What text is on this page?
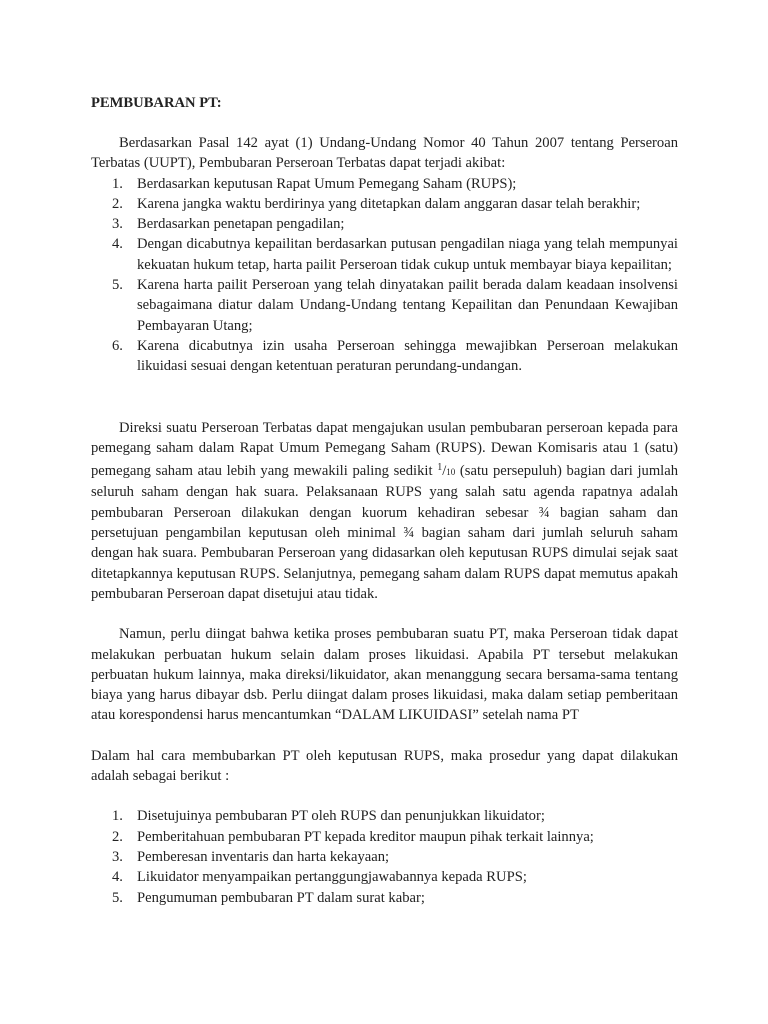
PEMBUBARAN PT:

Berdasarkan Pasal 142 ayat (1) Undang-Undang Nomor 40 Tahun 2007 tentang Perseroan Terbatas (UUPT), Pembubaran Perseroan Terbatas dapat terjadi akibat:

1. Berdasarkan keputusan Rapat Umum Pemegang Saham (RUPS);
2. Karena jangka waktu berdirinya yang ditetapkan dalam anggaran dasar telah berakhir;
3. Berdasarkan penetapan pengadilan;
4. Dengan dicabutnya kepailitan berdasarkan putusan pengadilan niaga yang telah mempunyai kekuatan hukum tetap, harta pailit Perseroan tidak cukup untuk membayar biaya kepailitan;
5. Karena harta pailit Perseroan yang telah dinyatakan pailit berada dalam keadaan insolvensi sebagaimana diatur dalam Undang-Undang tentang Kepailitan dan Penundaan Kewajiban Pembayaran Utang;
6. Karena dicabutnya izin usaha Perseroan sehingga mewajibkan Perseroan melakukan likuidasi sesuai dengan ketentuan peraturan perundang-undangan.

Direksi suatu Perseroan Terbatas dapat mengajukan usulan pembubaran perseroan kepada para pemegang saham dalam Rapat Umum Pemegang Saham (RUPS). Dewan Komisaris atau 1 (satu) pemegang saham atau lebih yang mewakili paling sedikit $^1$/10 (satu persepuluh) bagian dari jumlah seluruh saham dengan hak suara. Pelaksanaan RUPS yang salah satu agenda rapatnya adalah pembubaran Perseroan dilakukan dengan kuorum kehadiran sebesar ¾ bagian saham dan persetujuan pengambilan keputusan oleh minimal ¾ bagian saham dari jumlah seluruh saham dengan hak suara. Pembubaran Perseroan yang didasarkan oleh keputusan RUPS dimulai sejak saat ditetapkannya keputusan RUPS. Selanjutnya, pemegang saham dalam RUPS dapat memutus apakah pembubaran Perseroan dapat disetujui atau tidak.

Namun, perlu diingat bahwa ketika proses pembubaran suatu PT, maka Perseroan tidak dapat melakukan perbuatan hukum selain dalam proses likuidasi. Apabila PT tersebut melakukan perbuatan hukum lainnya, maka direksi/likuidator, akan menanggung secara bersama-sama tentang biaya yang harus dibayar dsb. Perlu diingat dalam proses likuidasi, maka dalam setiap pemberitaan atau korespondensi harus mencantumkan “DALAM LIKUIDASI” setelah nama PT

Dalam hal cara membubarkan PT oleh keputusan RUPS, maka prosedur yang dapat dilakukan adalah sebagai berikut :

1. Disetujuinya pembubaran PT oleh RUPS dan penunjukkan likuidator;
2. Pemberitahuan pembubaran PT kepada kreditor maupun pihak terkait lainnya;
3. Pemberesan inventaris dan harta kekayaan;
4. Likuidator menyampaikan pertanggungjawabannya kepada RUPS;
5. Pengumuman pembubaran PT dalam surat kabar;
